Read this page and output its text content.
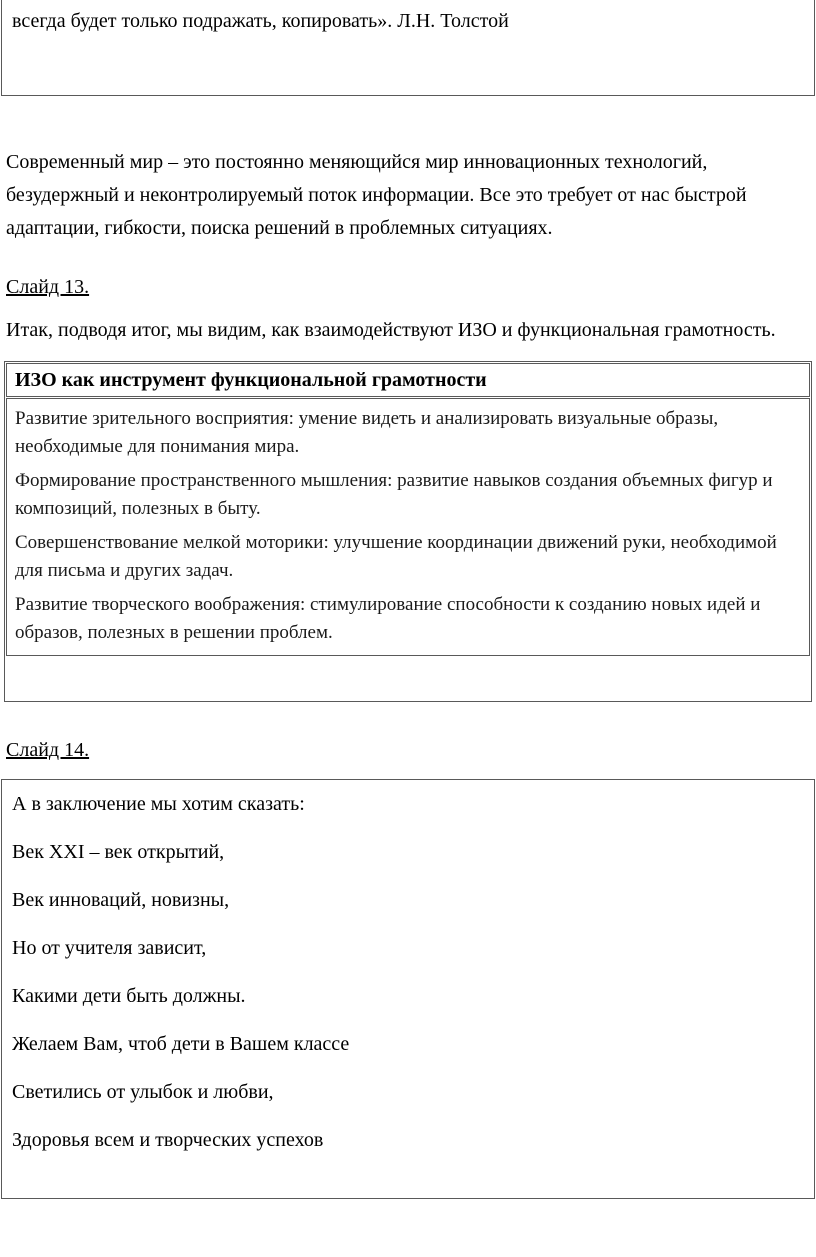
всегда будет только подражать, копировать». Л.Н. Толстой

Современный мир – это постоянно меняющийся мир инновационных технологий, безудержный и неконтролируемый поток информации. Все это требует от нас быстрой адаптации, гибкости, поиска решений в проблемных ситуациях.

Слайд 13.

Итак, подводя итог, мы видим, как взаимодействуют ИЗО и функциональная грамотность.

ИЗО как инструмент функциональной грамотности

Развитие зрительного восприятия: умение видеть и анализировать визуальные образы, необходимые для понимания мира.

Формирование пространственного мышления: развитие навыков создания объемных фигур и композиций, полезных в быту.

Совершенствование мелкой моторики: улучшение координации движений руки, необходимой для письма и других задач.

Развитие творческого воображения: стимулирование способности к созданию новых идей и образов, полезных в решении проблем.

Слайд 14.

А в заключение мы хотим сказать:

Век XXI – век открытий,

Век инноваций, новизны,

Но от учителя зависит,

Какими дети быть должны.

Желаем Вам, чтоб дети в Вашем классе

Светились от улыбок и любви,

Здоровья всем и творческих успехов
